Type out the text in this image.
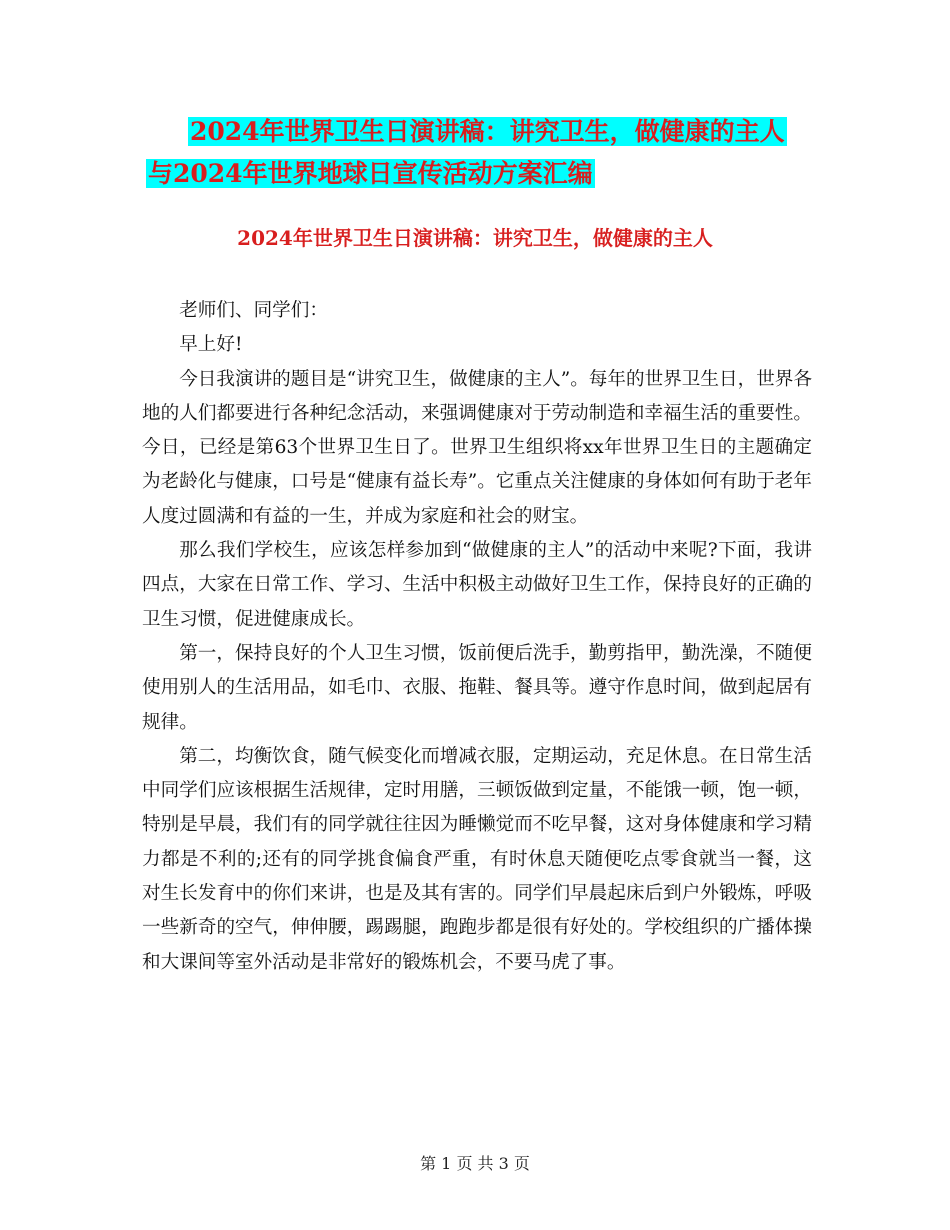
2024年世界卫生日演讲稿：讲究卫生，做健康的主人
与2024年世界地球日宣传活动方案汇编
2024年世界卫生日演讲稿：讲究卫生，做健康的主人

老师们、同学们：

早上好!

今日我演讲的题目是“讲究卫生，做健康的主人”。每年的世界卫生日，世界各地的人们都要进行各种纪念活动，来强调健康对于劳动制造和幸福生活的重要性。今日，已经是第63个世界卫生日了。世界卫生组织将xx年世界卫生日的主题确定为老龄化与健康，口号是“健康有益长寿”。它重点关注健康的身体如何有助于老年人度过圆满和有益的一生，并成为家庭和社会的财宝。

那么我们学校生，应该怎样参加到“做健康的主人”的活动中来呢?下面，我讲四点，大家在日常工作、学习、生活中积极主动做好卫生工作，保持良好的正确的卫生习惯，促进健康成长。

第一，保持良好的个人卫生习惯，饭前便后洗手，勤剪指甲，勤洗澡，不随便使用别人的生活用品，如毛巾、衣服、拖鞋、餐具等。遵守作息时间，做到起居有规律。

第二，均衡饮食，随气候变化而增减衣服，定期运动，充足休息。在日常生活中同学们应该根据生活规律，定时用膳，三顿饭做到定量，不能饿一顿，饱一顿，特别是早晨，我们有的同学就往往因为睡懒觉而不吃早餐，这对身体健康和学习精力都是不利的;还有的同学挑食偏食严重，有时休息天随便吃点零食就当一餐，这对生长发育中的你们来讲，也是及其有害的。同学们早晨起床后到户外锻炼，呼吸一些新奇的空气，伸伸腰，踢踢腿，跑跑步都是很有好处的。学校组织的广播体操和大课间等室外活动是非常好的锻炼机会，不要马虎了事。

第 1 页 共 3 页
